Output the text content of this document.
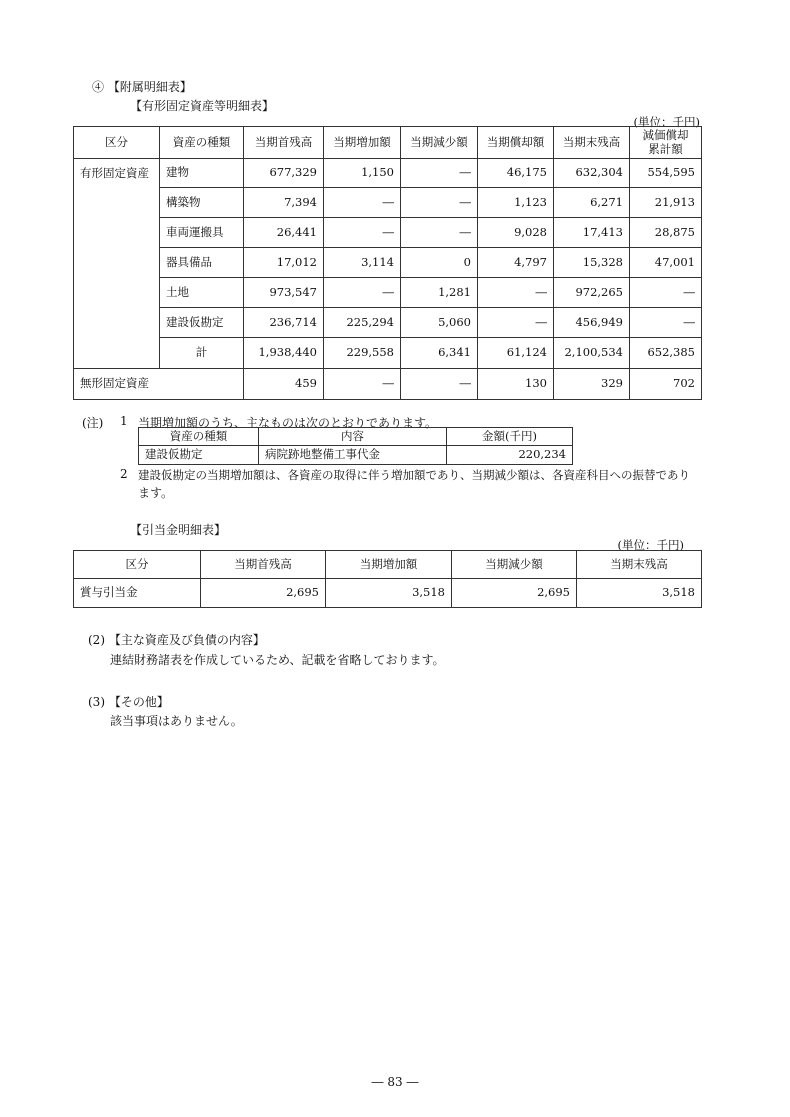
④ 【附属明細表】
【有形固定資産等明細表】
(単位：千円)
区分	資産の種類	当期首残高	当期増加額	当期減少額	当期償却額	当期末残高	減価償却
累計額

有形固定資産	建物	677,329	1,150	―	46,175	632,304	554,595
	構築物	7,394	―	―	1,123	6,271	21,913
	車両運搬具	26,441	―	―	9,028	17,413	28,875
	器具備品	17,012	3,114	0	4,797	15,328	47,001
	土地	973,547	―	1,281	―	972,265	―
	建設仮勘定	236,714	225,294	5,060	―	456,949	―
	計	1,938,440	229,558	6,341	61,124	2,100,534	652,385
無形固定資産		459	―	―	130	329	702
(注) 1 当期増加額のうち、主なものは次のとおりであります。
資産の種類	内容	金額(千円)
建設仮勘定	病院跡地整備工事代金	220,234
2 建設仮勘定の当期増加額は、各資産の取得に伴う増加額であり、当期減少額は、各資産科目への振替であり
ます。
【引当金明細表】
(単位：千円)
区分	当期首残高	当期増加額	当期減少額	当期末残高
賞与引当金	2,695	3,518	2,695	3,518
(2) 【主な資産及び負債の内容】
連結財務諸表を作成しているため、記載を省略しております。
(3) 【その他】
該当事項はありません。
― 83 ―
